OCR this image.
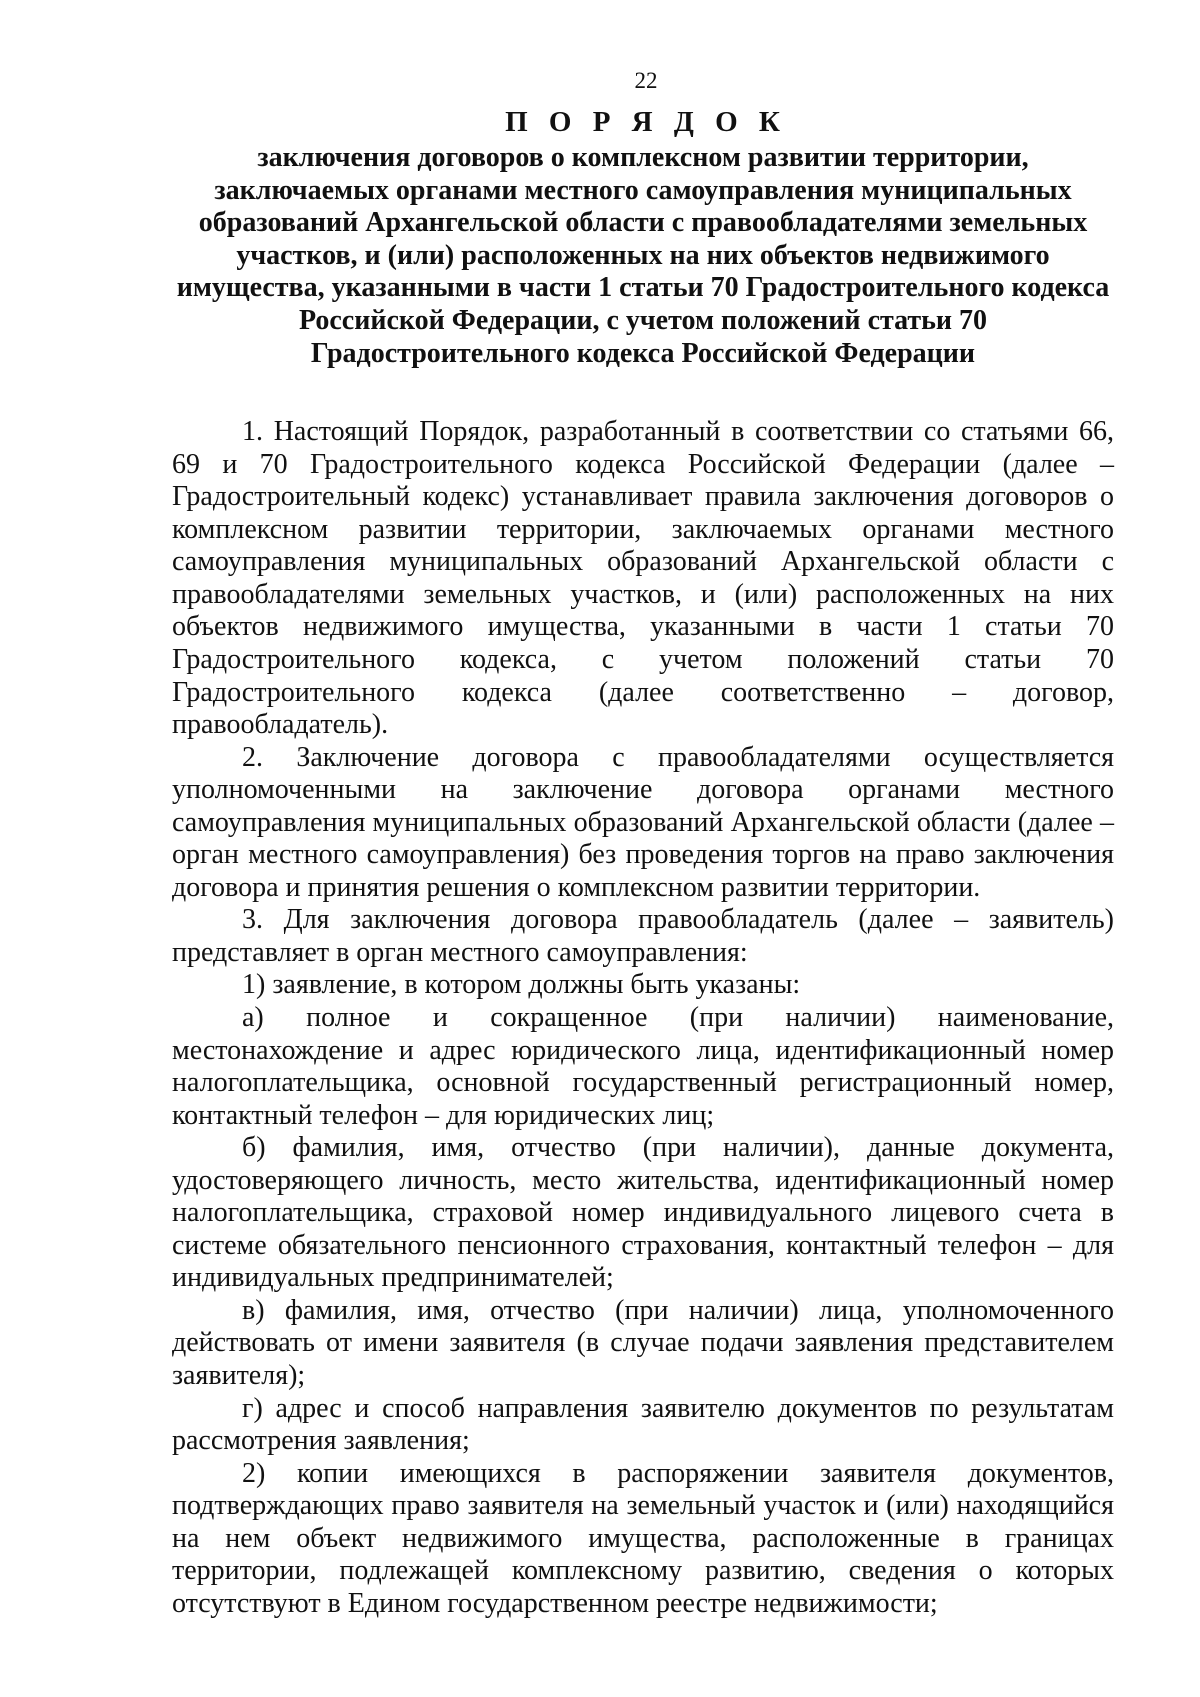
22
П О Р Я Д О К
заключения договоров о комплексном развитии территории, заключаемых органами местного самоуправления муниципальных образований Архангельской области с правообладателями земельных участков, и (или) расположенных на них объектов недвижимого имущества, указанными в части 1 статьи 70 Градостроительного кодекса Российской Федерации, с учетом положений статьи 70 Градостроительного кодекса Российской Федерации

1. Настоящий Порядок, разработанный в соответствии со статьями 66, 69 и 70 Градостроительного кодекса Российской Федерации (далее – Градостроительный кодекс) устанавливает правила заключения договоров о комплексном развитии территории, заключаемых органами местного самоуправления муниципальных образований Архангельской области с правообладателями земельных участков, и (или) расположенных на них объектов недвижимого имущества, указанными в части 1 статьи 70 Градостроительного кодекса, с учетом положений статьи 70 Градостроительного кодекса (далее соответственно – договор, правообладатель).

2. Заключение договора с правообладателями осуществляется уполномоченными на заключение договора органами местного самоуправления муниципальных образований Архангельской области (далее – орган местного самоуправления) без проведения торгов на право заключения договора и принятия решения о комплексном развитии территории.

3. Для заключения договора правообладатель (далее – заявитель) представляет в орган местного самоуправления:

1) заявление, в котором должны быть указаны:

а) полное и сокращенное (при наличии) наименование, местонахождение и адрес юридического лица, идентификационный номер налогоплательщика, основной государственный регистрационный номер, контактный телефон – для юридических лиц;

б) фамилия, имя, отчество (при наличии), данные документа, удостоверяющего личность, место жительства, идентификационный номер налогоплательщика, страховой номер индивидуального лицевого счета в системе обязательного пенсионного страхования, контактный телефон – для индивидуальных предпринимателей;

в) фамилия, имя, отчество (при наличии) лица, уполномоченного действовать от имени заявителя (в случае подачи заявления представителем заявителя);

г) адрес и способ направления заявителю документов по результатам рассмотрения заявления;

2) копии имеющихся в распоряжении заявителя документов, подтверждающих право заявителя на земельный участок и (или) находящийся на нем объект недвижимого имущества, расположенные в границах территории, подлежащей комплексному развитию, сведения о которых отсутствуют в Едином государственном реестре недвижимости;
